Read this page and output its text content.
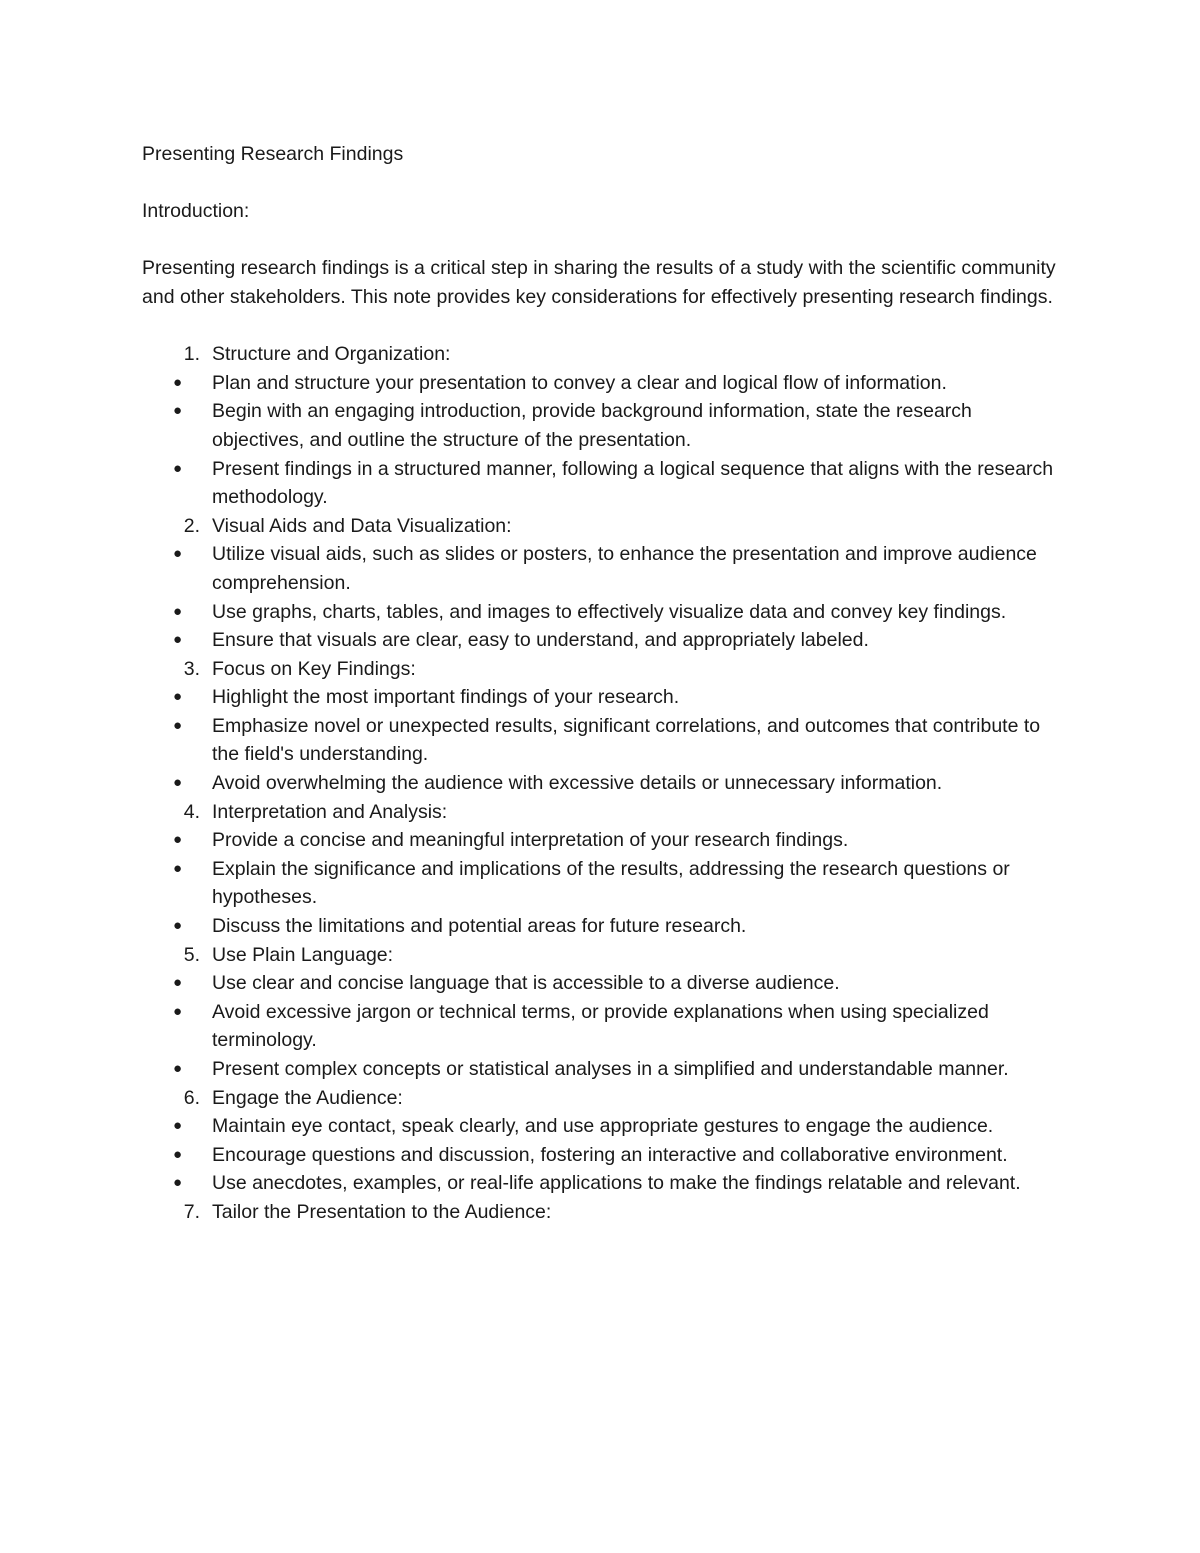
Presenting Research Findings
Introduction:

Presenting research findings is a critical step in sharing the results of a study with the scientific community and other stakeholders. This note provides key considerations for effectively presenting research findings.

1. Structure and Organization:
● Plan and structure your presentation to convey a clear and logical flow of information.
● Begin with an engaging introduction, provide background information, state the research objectives, and outline the structure of the presentation.
● Present findings in a structured manner, following a logical sequence that aligns with the research methodology.
2. Visual Aids and Data Visualization:
● Utilize visual aids, such as slides or posters, to enhance the presentation and improve audience comprehension.
● Use graphs, charts, tables, and images to effectively visualize data and convey key findings.
● Ensure that visuals are clear, easy to understand, and appropriately labeled.
3. Focus on Key Findings:
● Highlight the most important findings of your research.
● Emphasize novel or unexpected results, significant correlations, and outcomes that contribute to the field's understanding.
● Avoid overwhelming the audience with excessive details or unnecessary information.
4. Interpretation and Analysis:
● Provide a concise and meaningful interpretation of your research findings.
● Explain the significance and implications of the results, addressing the research questions or hypotheses.
● Discuss the limitations and potential areas for future research.
5. Use Plain Language:
● Use clear and concise language that is accessible to a diverse audience.
● Avoid excessive jargon or technical terms, or provide explanations when using specialized terminology.
● Present complex concepts or statistical analyses in a simplified and understandable manner.
6. Engage the Audience:
● Maintain eye contact, speak clearly, and use appropriate gestures to engage the audience.
● Encourage questions and discussion, fostering an interactive and collaborative environment.
● Use anecdotes, examples, or real-life applications to make the findings relatable and relevant.
7. Tailor the Presentation to the Audience:
